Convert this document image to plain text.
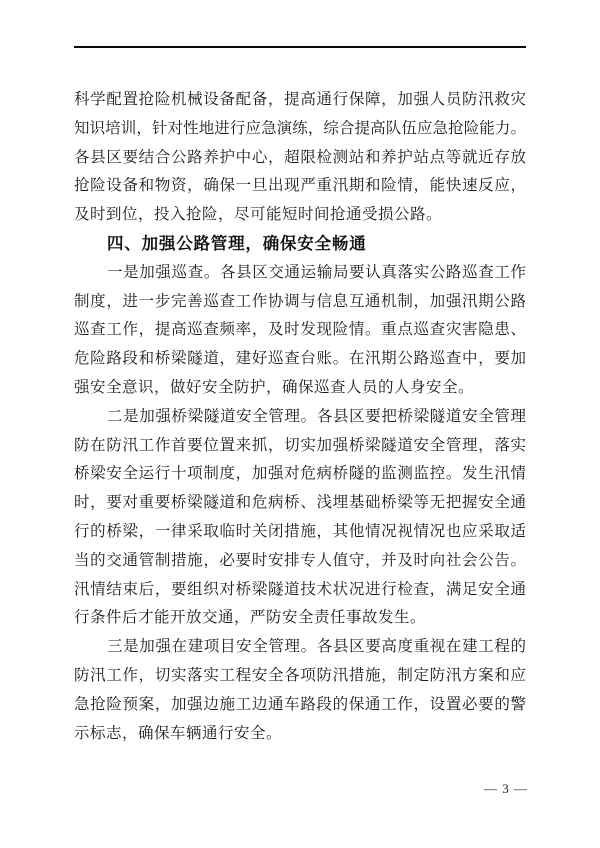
科学配置抢险机械设备配备，提高通行保障，加强人员防汛救灾
知识培训，针对性地进行应急演练，综合提高队伍应急抢险能力。
各县区要结合公路养护中心，超限检测站和养护站点等就近存放
抢险设备和物资，确保一旦出现严重汛期和险情，能快速反应，
及时到位，投入抢险，尽可能短时间抢通受损公路。
四、加强公路管理，确保安全畅通
一是加强巡查。各县区交通运输局要认真落实公路巡查工作
制度，进一步完善巡查工作协调与信息互通机制，加强汛期公路
巡查工作，提高巡查频率，及时发现险情。重点巡查灾害隐患、
危险路段和桥梁隧道，建好巡查台账。在汛期公路巡查中，要加
强安全意识，做好安全防护，确保巡查人员的人身安全。
二是加强桥梁隧道安全管理。各县区要把桥梁隧道安全管理
防在防汛工作首要位置来抓，切实加强桥梁隧道安全管理，落实
桥梁安全运行十项制度，加强对危病桥隧的监测监控。发生汛情
时，要对重要桥梁隧道和危病桥、浅埋基础桥梁等无把握安全通
行的桥梁，一律采取临时关闭措施，其他情况视情况也应采取适
当的交通管制措施，必要时安排专人值守，并及时向社会公告。
汛情结束后，要组织对桥梁隧道技术状况进行检查，满足安全通
行条件后才能开放交通，严防安全责任事故发生。
三是加强在建项目安全管理。各县区要高度重视在建工程的
防汛工作，切实落实工程安全各项防汛措施，制定防汛方案和应
急抢险预案，加强边施工边通车路段的保通工作，设置必要的警
示标志，确保车辆通行安全。
— 3 —
